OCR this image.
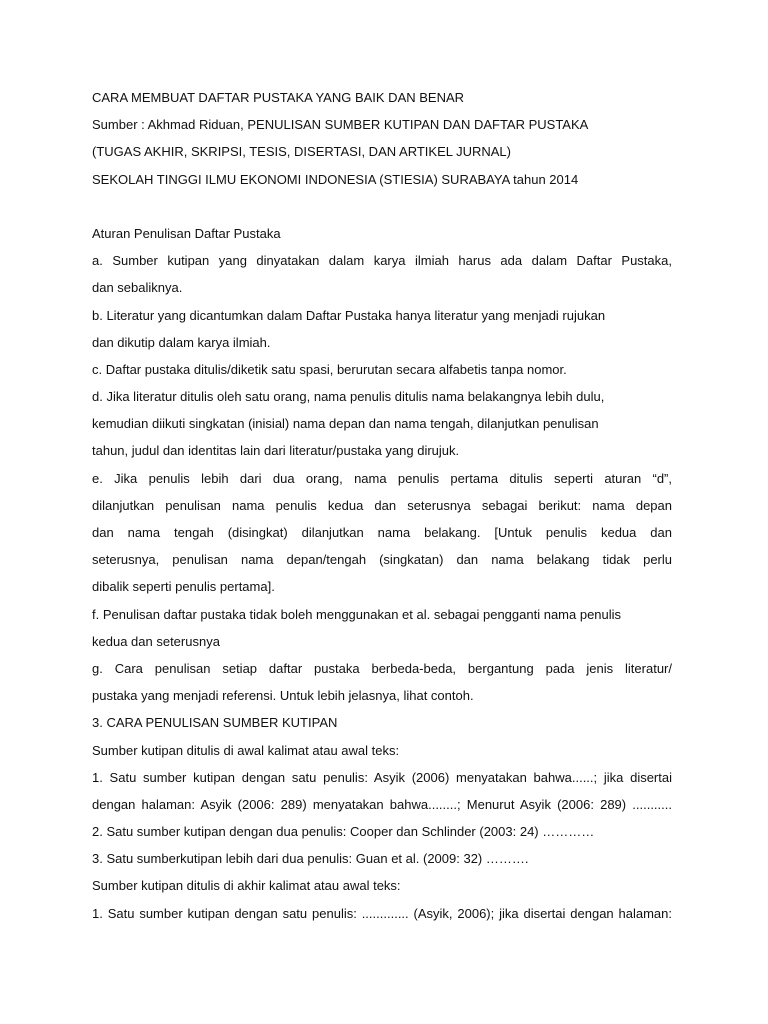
CARA MEMBUAT DAFTAR PUSTAKA YANG BAIK DAN BENAR
Sumber : Akhmad Riduan, PENULISAN SUMBER KUTIPAN DAN DAFTAR PUSTAKA
(TUGAS AKHIR, SKRIPSI, TESIS, DISERTASI, DAN ARTIKEL JURNAL)
SEKOLAH TINGGI ILMU EKONOMI INDONESIA (STIESIA) SURABAYA tahun 2014
Aturan Penulisan Daftar Pustaka
a. Sumber kutipan yang dinyatakan dalam karya ilmiah harus ada dalam Daftar Pustaka,
dan sebaliknya.
b. Literatur yang dicantumkan dalam Daftar Pustaka hanya literatur yang menjadi rujukan
dan dikutip dalam karya ilmiah.
c. Daftar pustaka ditulis/diketik satu spasi, berurutan secara alfabetis tanpa nomor.
d. Jika literatur ditulis oleh satu orang, nama penulis ditulis nama belakangnya lebih dulu,
kemudian diikuti singkatan (inisial) nama depan dan nama tengah, dilanjutkan penulisan
tahun, judul dan identitas lain dari literatur/pustaka yang dirujuk.
e. Jika penulis lebih dari dua orang, nama penulis pertama ditulis seperti aturan “d”,
dilanjutkan penulisan nama penulis kedua dan seterusnya sebagai berikut: nama depan
dan nama tengah (disingkat) dilanjutkan nama belakang. [Untuk penulis kedua dan
seterusnya, penulisan nama depan/tengah (singkatan) dan nama belakang tidak perlu
dibalik seperti penulis pertama].
f. Penulisan daftar pustaka tidak boleh menggunakan et al. sebagai pengganti nama penulis
kedua dan seterusnya
g. Cara penulisan setiap daftar pustaka berbeda-beda, bergantung pada jenis literatur/
pustaka yang menjadi referensi. Untuk lebih jelasnya, lihat contoh.
3. CARA PENULISAN SUMBER KUTIPAN
Sumber kutipan ditulis di awal kalimat atau awal teks:
1. Satu sumber kutipan dengan satu penulis: Asyik (2006) menyatakan bahwa......; jika disertai
dengan halaman: Asyik (2006: 289) menyatakan bahwa........; Menurut Asyik (2006: 289) ...........
2. Satu sumber kutipan dengan dua penulis: Cooper dan Schlinder (2003: 24) …………
3. Satu sumberkutipan lebih dari dua penulis: Guan et al. (2009: 32) ……….
Sumber kutipan ditulis di akhir kalimat atau awal teks:
1. Satu sumber kutipan dengan satu penulis: ............. (Asyik, 2006); jika disertai dengan halaman:
